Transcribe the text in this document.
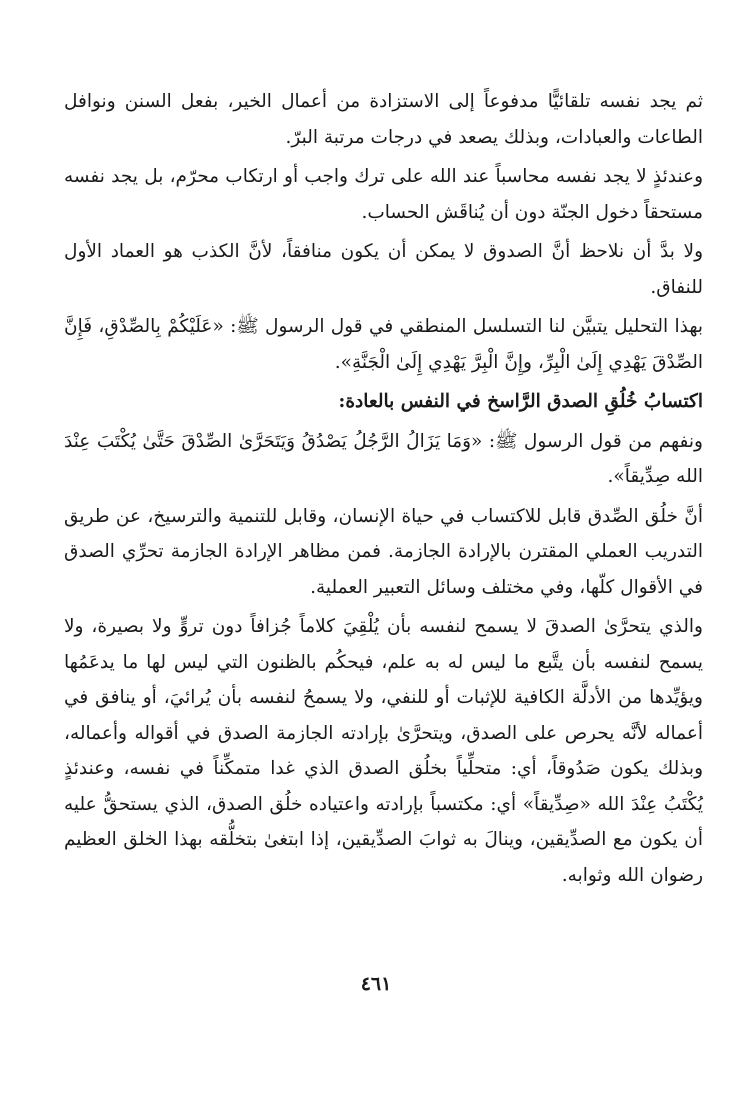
ثم يجد نفسه تلقائيًّا مدفوعاً إلى الاستزادة من أعمال الخير، بفعل السنن ونوافل الطاعات والعبادات، وبذلك يصعد في درجات مرتبة البرّ.

وعندئذٍ لا يجد نفسه محاسباً عند الله على ترك واجب أو ارتكاب محرّم، بل يجد نفسه مستحقاً دخول الجنّة دون أن يُناقَش الحساب.

ولا بدَّ أن نلاحظ أنَّ الصدوق لا يمكن أن يكون منافقاً، لأنَّ الكذب هو العماد الأول للنفاق.

بهذا التحليل يتبيَّن لنا التسلسل المنطقي في قول الرسول ﷺ: «عَلَيْكُمْ بِالصِّدْقِ، فَإِنَّ الصِّدْقَ يَهْدِي إِلَىٰ الْبِرِّ، وإِنَّ الْبِرَّ يَهْدِي إِلَىٰ الْجَنَّةِ».

اكتسابُ خُلُقِ الصدق الرَّاسخ في النفس بالعادة:

ونفهم من قول الرسول ﷺ: «وَمَا يَزَالُ الرَّجُلُ يَصْدُقُ وَيَتَحَرَّىٰ الصِّدْقَ حَتَّىٰ يُكْتَبَ عِنْدَ الله صِدِّيقاً».

أنَّ خلُق الصِّدق قابل للاكتساب في حياة الإنسان، وقابل للتنمية والترسيخ، عن طريق التدريب العملي المقترن بالإرادة الجازمة. فمن مظاهر الإرادة الجازمة تحرِّي الصدق في الأقوال كلّها، وفي مختلف وسائل التعبير العملية.

والذي يتحرَّىٰ الصدقَ لا يسمح لنفسه بأن يُلْقِيَ كلاماً جُزافاً دون تروٍّ ولا بصيرة، ولا يسمح لنفسه بأن يتَّبع ما ليس له به علم، فيحكُم بالظنون التي ليس لها ما يدعَمُها ويؤيِّدها من الأدلَّة الكافية للإثبات أو للنفي، ولا يسمحُ لنفسه بأن يُرائيَ، أو ينافق في أعماله لأنَّه يحرص على الصدق، ويتحرَّىٰ بإرادته الجازمة الصدق في أقواله وأعماله، وبذلك يكون صَدُوقاً، أي: متحلِّياً بخلُق الصدق الذي غدا متمكِّناً في نفسه، وعندئذٍ يُكْتَبُ عِنْدَ الله «صِدِّيقاً» أي: مكتسباً بإرادته واعتياده خلُق الصدق، الذي يستحقُّ عليه أن يكون مع الصدِّيقين، وينالَ به ثوابَ الصدِّيقين، إذا ابتغىٰ بتخلُّقه بهذا الخلق العظيم رضوان الله وثوابه.

٤٦١
